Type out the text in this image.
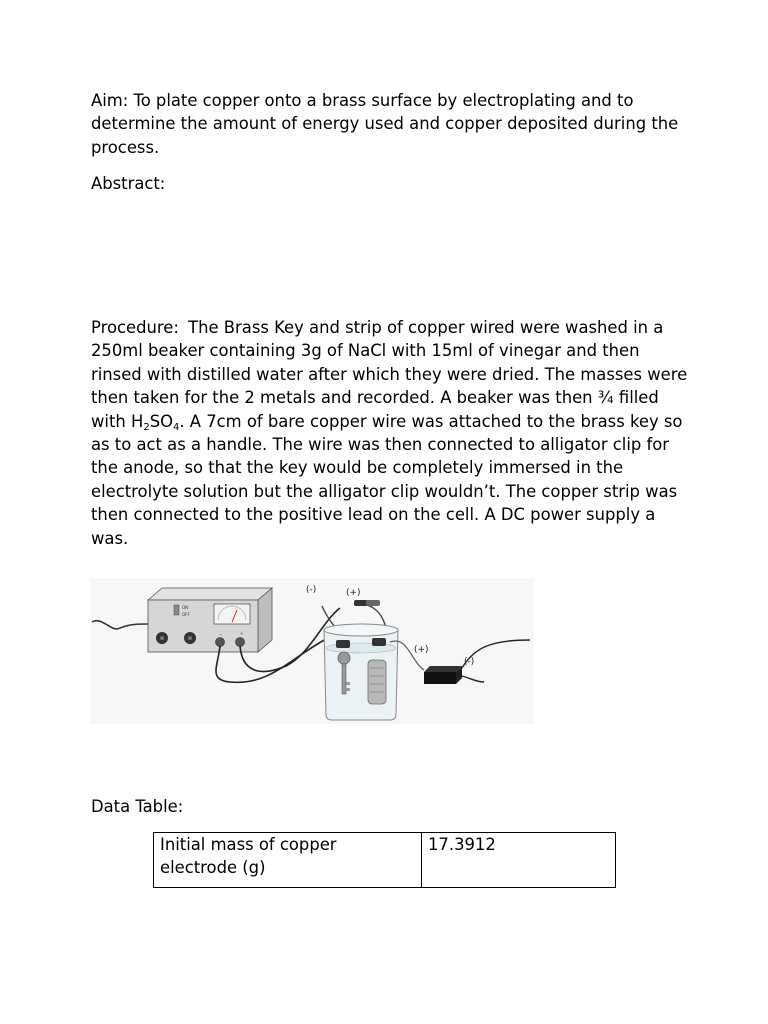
Aim: To plate copper onto a brass surface by electroplating and to determine the amount of energy used and copper deposited during the process.

Abstract:

Procedure: The Brass Key and strip of copper wired were washed in a 250ml beaker containing 3g of NaCl with 15ml of vinegar and then rinsed with distilled water after which they were dried. The masses were then taken for the 2 metals and recorded. A beaker was then ¾ filled with $H_2SO_4$. A 7cm of bare copper wire was attached to the brass key so as to act as a handle. The wire was then connected to alligator clip for the anode, so that the key would be completely immersed in the electrolyte solution but the alligator clip wouldn’t. The copper strip was then connected to the positive lead on the cell. A DC power supply a was.

Data Table:

ON
OFF
−	+
(-)	(+)
(+)
(-)
Initial mass of copper electrode (g)	17.3912
